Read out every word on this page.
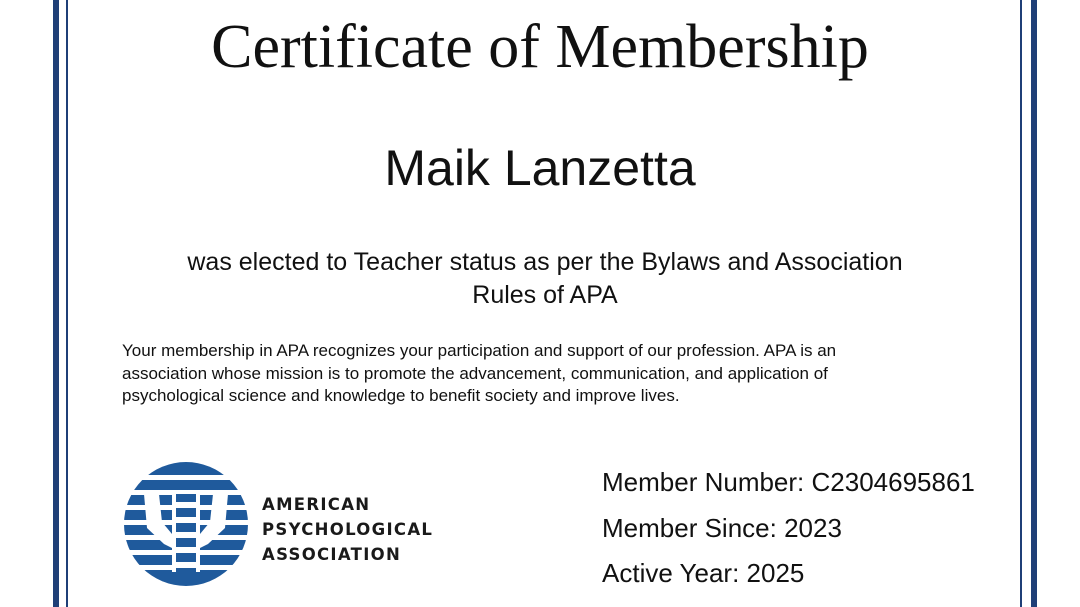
Certificate of Membership
Maik Lanzetta
was elected to Teacher status as per the Bylaws and Association
Rules of APA
Your membership in APA recognizes your participation and support of our profession. APA is an
association whose mission is to promote the advancement, communication, and application of
psychological science and knowledge to benefit society and improve lives.
AMERICAN
PSYCHOLOGICAL
ASSOCIATION
Member Number: C2304695861
Member Since: 2023
Active Year: 2025
